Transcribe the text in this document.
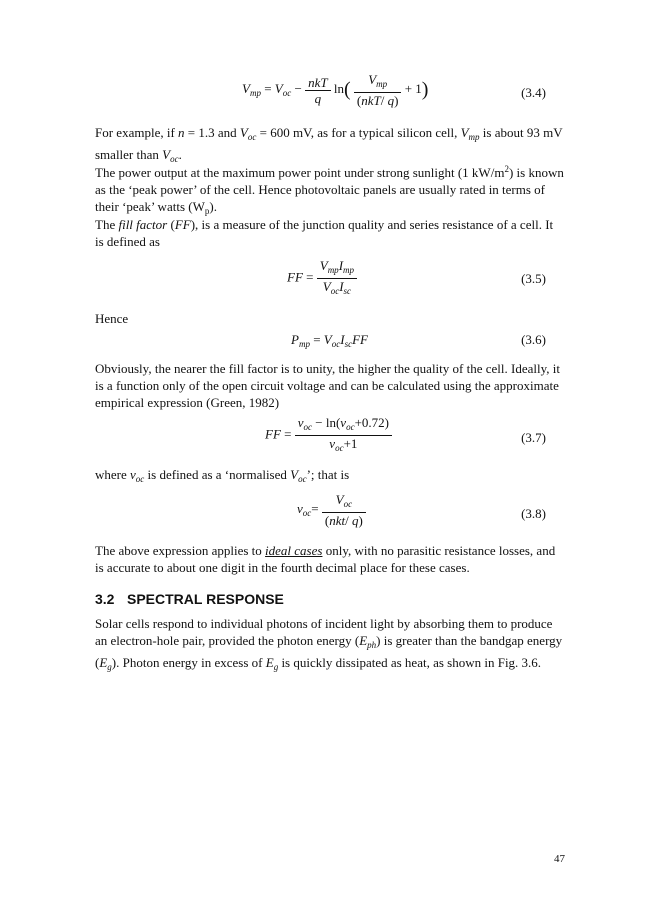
$V_{mp} = V_{oc} - \frac{\text{nkT}}{q} \ln( \frac{V_{mp}}{\text{(nkT/ q)}} + 1)$	(3.4)

For example, if n = 1.3 and $V_{oc} = 600$ mV, as for a typical silicon cell, $V_{mp}$ is about 93 mV smaller than $V_{oc}$.

The power output at the maximum power point under strong sunlight (1 $kW/m^2$) is known as the ‘peak power’ of the cell. Hence photovoltaic panels are usually rated in terms of their ‘peak’ watts $(W_p)$.

The fill factor (FF), is a measure of the junction quality and series resistance of a cell. It is defined as

FF = $\frac{V_{mp}I_{mp}}{V_{oc}I_{sc}}$	(3.5)

Hence

$P_{mp} = V_{oc}I_{sc}FF$	(3.6)

Obviously, the nearer the fill factor is to unity, the higher the quality of the cell. Ideally, it is a function only of the open circuit voltage and can be calculated using the approximate empirical expression (Green, 1982)

FF = $\frac{v_{oc} - \ln(v_{oc}+0.72)}{v_{oc}+1}$	(3.7)

where $v_{oc}$ is defined as a ‘normalised $V_{oc}$’; that is

$v_{oc}= \frac{V_{oc}}{\text{(nkt/ q)}}$	(3.8)

The above expression applies to ideal cases only, with no parasitic resistance losses, and is accurate to about one digit in the fourth decimal place for these cases.

3.2 SPECTRAL RESPONSE

Solar cells respond to individual photons of incident light by absorbing them to produce an electron-hole pair, provided the photon energy $(E_{ph})$ is greater than the bandgap energy $(E_g)$. Photon energy in excess of $E_g$ is quickly dissipated as heat, as shown in Fig. 3.6.

47
